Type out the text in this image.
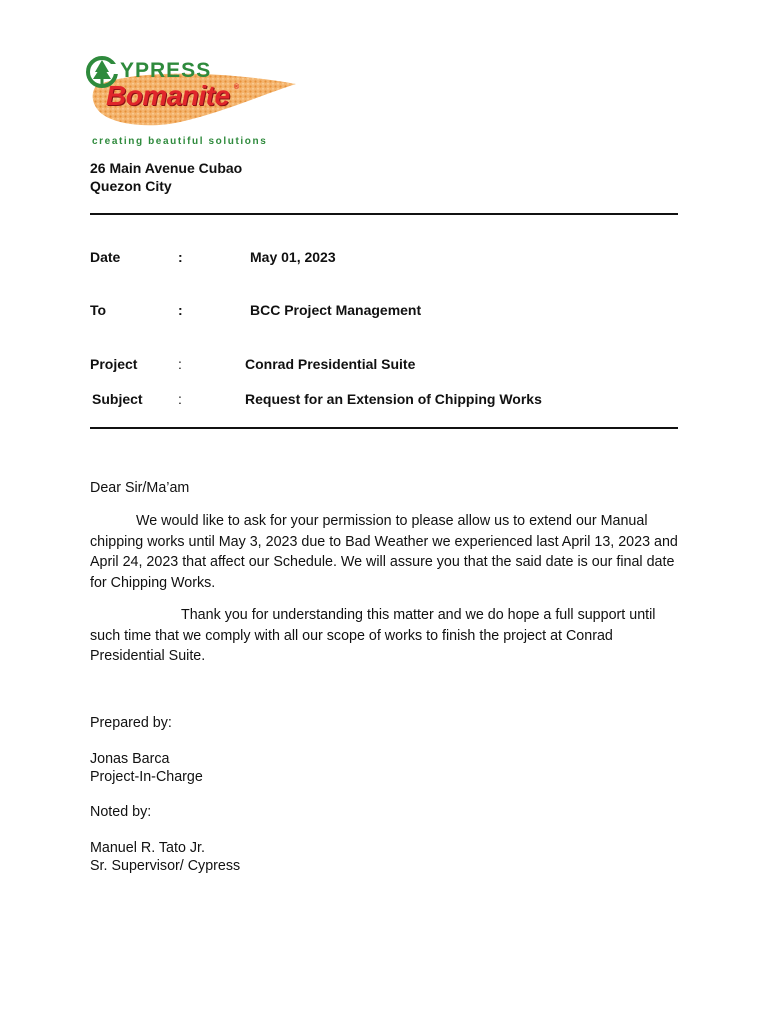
YPRESS
Bomanite ®
creating beautiful solutions
26 Main Avenue Cubao
Quezon City
Date	:	May 01, 2023
To	:	BCC Project Management
Project	:	Conrad Presidential Suite
Subject	:	Request for an Extension of Chipping Works
Dear Sir/Ma’am
We would like to ask for your permission to please allow us to extend our Manual chipping works until May 3, 2023 due to Bad Weather we experienced last April 13, 2023 and April 24, 2023 that affect our Schedule. We will assure you that the said date is our final date for Chipping Works.
Thank you for understanding this matter and we do hope a full support until such time that we comply with all our scope of works to finish the project at Conrad Presidential Suite.
Prepared by:
Jonas Barca
Project-In-Charge
Noted by:
Manuel R. Tato Jr.
Sr. Supervisor/ Cypress
